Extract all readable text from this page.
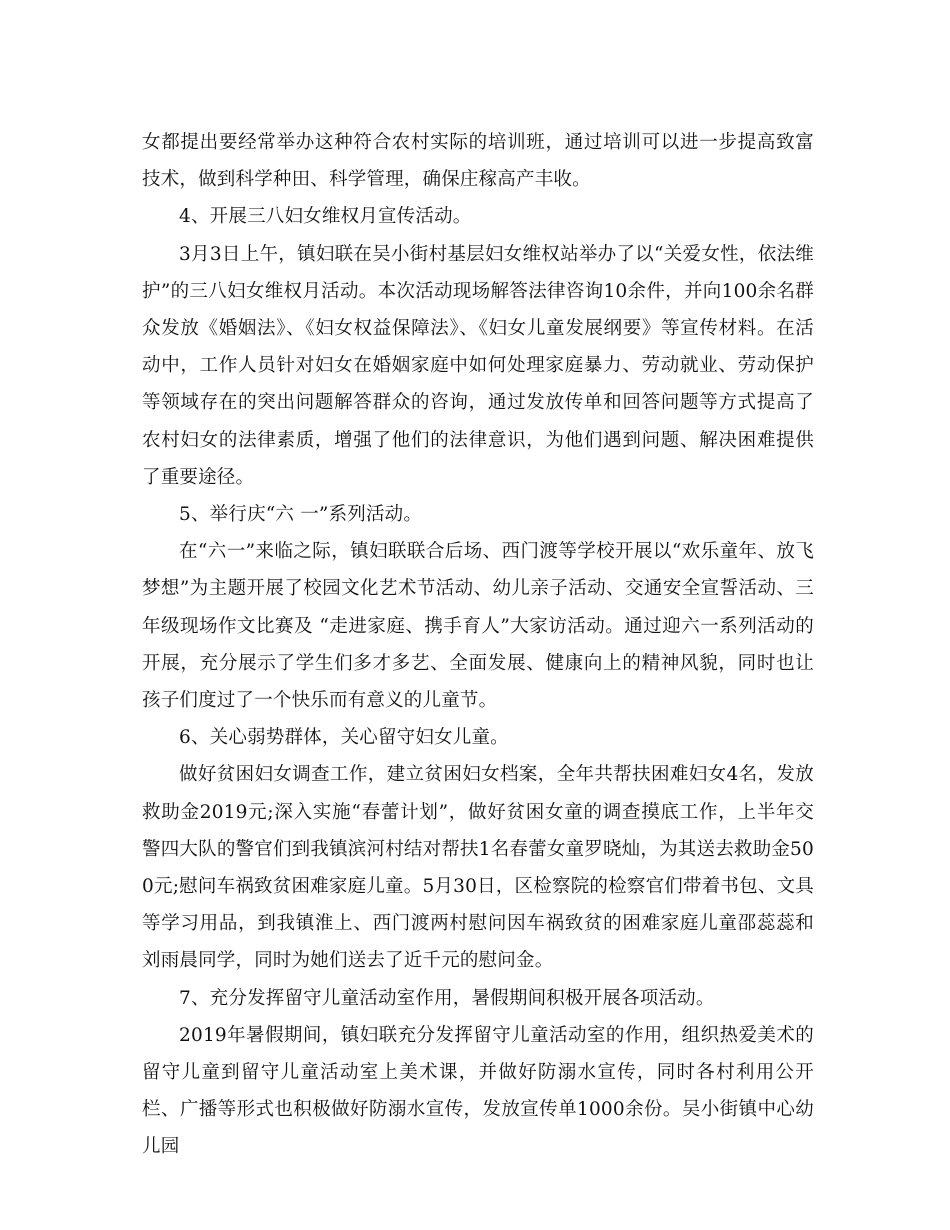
女都提出要经常举办这种符合农村实际的培训班，通过培训可以进一步提高致富技术，做到科学种田、科学管理，确保庄稼高产丰收。

4、开展三八妇女维权月宣传活动。

3月3日上午，镇妇联在吴小街村基层妇女维权站举办了以“关爱女性，依法维护”的三八妇女维权月活动。本次活动现场解答法律咨询10余件，并向100余名群众发放《婚姻法》、《妇女权益保障法》、《妇女儿童发展纲要》等宣传材料。在活动中，工作人员针对妇女在婚姻家庭中如何处理家庭暴力、劳动就业、劳动保护等领域存在的突出问题解答群众的咨询，通过发放传单和回答问题等方式提高了农村妇女的法律素质，增强了他们的法律意识，为他们遇到问题、解决困难提供了重要途径。

5、举行庆“六 一”系列活动。

在“六一”来临之际，镇妇联联合后场、西门渡等学校开展以“欢乐童年、放飞梦想”为主题开展了校园文化艺术节活动、幼儿亲子活动、交通安全宣誓活动、三年级现场作文比赛及 “走进家庭、携手育人”大家访活动。通过迎六一系列活动的开展，充分展示了学生们多才多艺、全面发展、健康向上的精神风貌，同时也让孩子们度过了一个快乐而有意义的儿童节。

6、关心弱势群体，关心留守妇女儿童。

做好贫困妇女调查工作，建立贫困妇女档案，全年共帮扶困难妇女4名，发放救助金2019元;深入实施“春蕾计划”，做好贫困女童的调查摸底工作，上半年交警四大队的警官们到我镇滨河村结对帮扶1名春蕾女童罗晓灿，为其送去救助金500元;慰问车祸致贫困难家庭儿童。5月30日，区检察院的检察官们带着书包、文具等学习用品，到我镇淮上、西门渡两村慰问因车祸致贫的困难家庭儿童邵蕊蕊和刘雨晨同学，同时为她们送去了近千元的慰问金。

7、充分发挥留守儿童活动室作用，暑假期间积极开展各项活动。

2019年暑假期间，镇妇联充分发挥留守儿童活动室的作用，组织热爱美术的留守儿童到留守儿童活动室上美术课，并做好防溺水宣传，同时各村利用公开栏、广播等形式也积极做好防溺水宣传，发放宣传单1000余份。吴小街镇中心幼儿园
